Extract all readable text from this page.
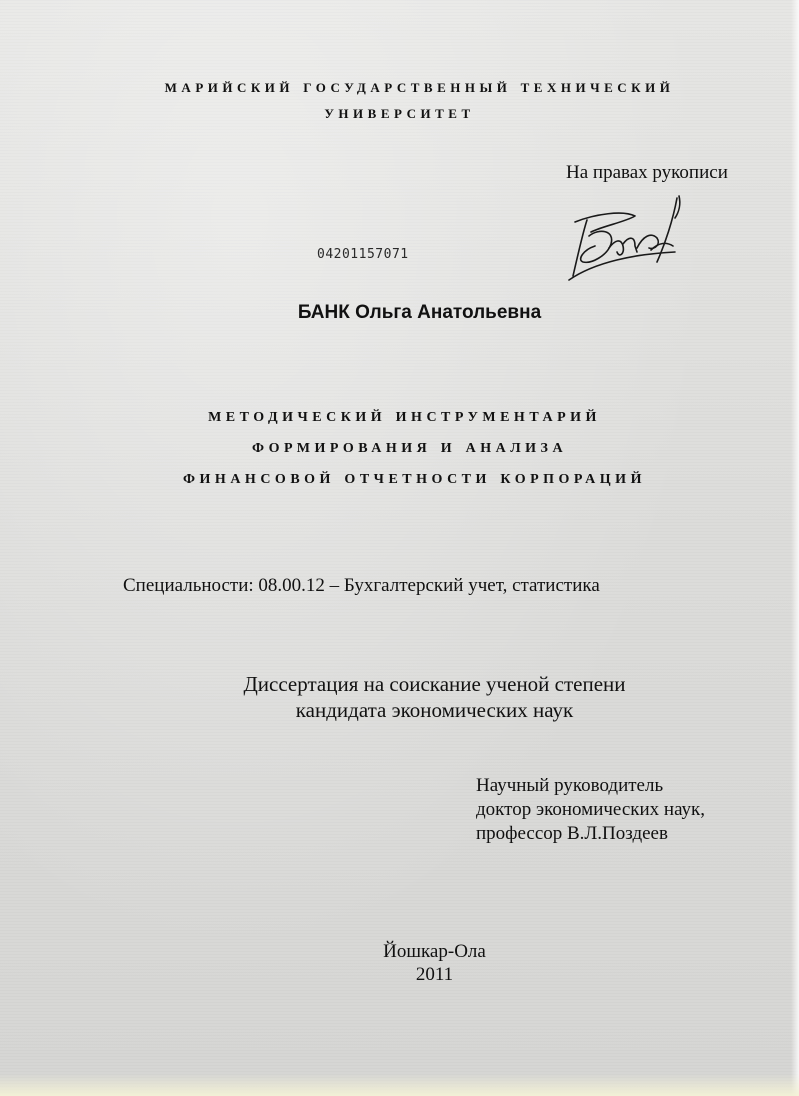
марийский государственный технический
университет
На правах рукописи
04201157071
БАНК Ольга Анатольевна
методический инструментарий
формирования и анализа
финансовой отчетности корпораций
Специальности: 08.00.12 – Бухгалтерский учет, статистика
Диссертация на соискание ученой степени
кандидата экономических наук
Научный руководитель
доктор экономических наук,
профессор В.Л.Поздеев
Йошкар-Ола
2011
